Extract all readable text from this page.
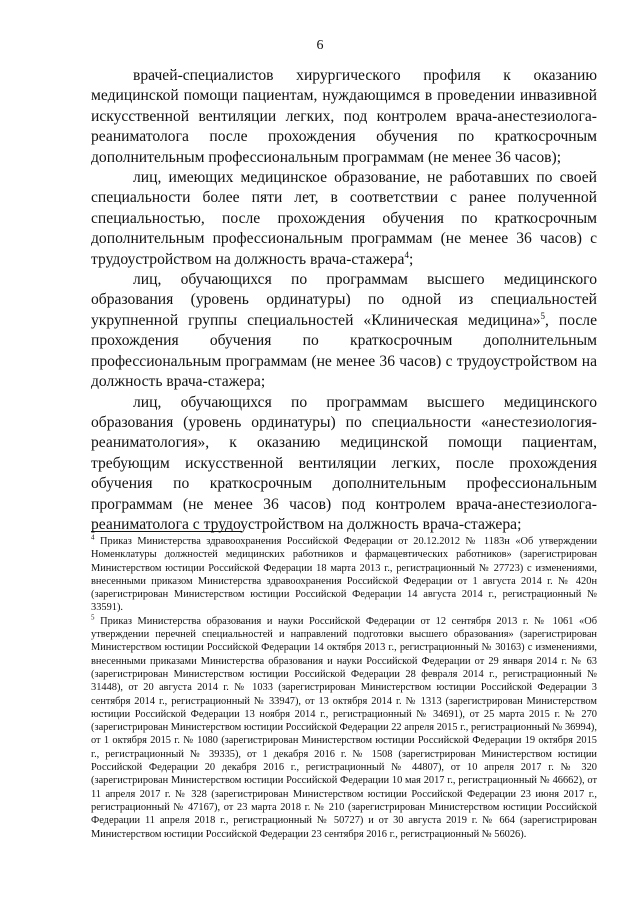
6

врачей-специалистов хирургического профиля к оказанию медицинской помощи пациентам, нуждающимся в проведении инвазивной искусственной вентиляции легких, под контролем врача-анестезиолога-реаниматолога после прохождения обучения по краткосрочным дополнительным профессиональным программам (не менее 36 часов);

лиц, имеющих медицинское образование, не работавших по своей специальности более пяти лет, в соответствии с ранее полученной специальностью, после прохождения обучения по краткосрочным дополнительным профессиональным программам (не менее 36 часов) с трудоустройством на должность врача-стажера$^4$;

лиц, обучающихся по программам высшего медицинского образования (уровень ординатуры) по одной из специальностей укрупненной группы специальностей «Клиническая медицина»$^5$, после прохождения обучения по краткосрочным дополнительным профессиональным программам (не менее 36 часов) с трудоустройством на должность врача-стажера;

лиц, обучающихся по программам высшего медицинского образования (уровень ординатуры) по специальности «анестезиология-реаниматология», к оказанию медицинской помощи пациентам, требующим искусственной вентиляции легких, после прохождения обучения по краткосрочным дополнительным профессиональным программам (не менее 36 часов) под контролем врача-анестезиолога-реаниматолога с трудоустройством на должность врача-стажера;

$^4$ Приказ Министерства здравоохранения Российской Федерации от 20.12.2012 № 1183н «Об утверждении Номенклатуры должностей медицинских работников и фармацевтических работников» (зарегистрирован Министерством юстиции Российской Федерации 18 марта 2013 г., регистрационный № 27723) с изменениями, внесенными приказом Министерства здравоохранения Российской Федерации от 1 августа 2014 г. № 420н (зарегистрирован Министерством юстиции Российской Федерации 14 августа 2014 г., регистрационный № 33591).

$^5$ Приказ Министерства образования и науки Российской Федерации от 12 сентября 2013 г. № 1061 «Об утверждении перечней специальностей и направлений подготовки высшего образования» (зарегистрирован Министерством юстиции Российской Федерации 14 октября 2013 г., регистрационный № 30163) с изменениями, внесенными приказами Министерства образования и науки Российской Федерации от 29 января 2014 г. № 63 (зарегистрирован Министерством юстиции Российской Федерации 28 февраля 2014 г., регистрационный № 31448), от 20 августа 2014 г. № 1033 (зарегистрирован Министерством юстиции Российской Федерации 3 сентября 2014 г., регистрационный № 33947), от 13 октября 2014 г. № 1313 (зарегистрирован Министерством юстиции Российской Федерации 13 ноября 2014 г., регистрационный № 34691), от 25 марта 2015 г. № 270 (зарегистрирован Министерством юстиции Российской Федерации 22 апреля 2015 г., регистрационный № 36994), от 1 октября 2015 г. № 1080 (зарегистрирован Министерством юстиции Российской Федерации 19 октября 2015 г., регистрационный № 39335), от 1 декабря 2016 г. № 1508 (зарегистрирован Министерством юстиции Российской Федерации 20 декабря 2016 г., регистрационный № 44807), от 10 апреля 2017 г. № 320 (зарегистрирован Министерством юстиции Российской Федерации 10 мая 2017 г., регистрационный № 46662), от 11 апреля 2017 г. № 328 (зарегистрирован Министерством юстиции Российской Федерации 23 июня 2017 г., регистрационный № 47167), от 23 марта 2018 г. № 210 (зарегистрирован Министерством юстиции Российской Федерации 11 апреля 2018 г., регистрационный № 50727) и от 30 августа 2019 г. № 664 (зарегистрирован Министерством юстиции Российской Федерации 23 сентября 2016 г., регистрационный № 56026).
